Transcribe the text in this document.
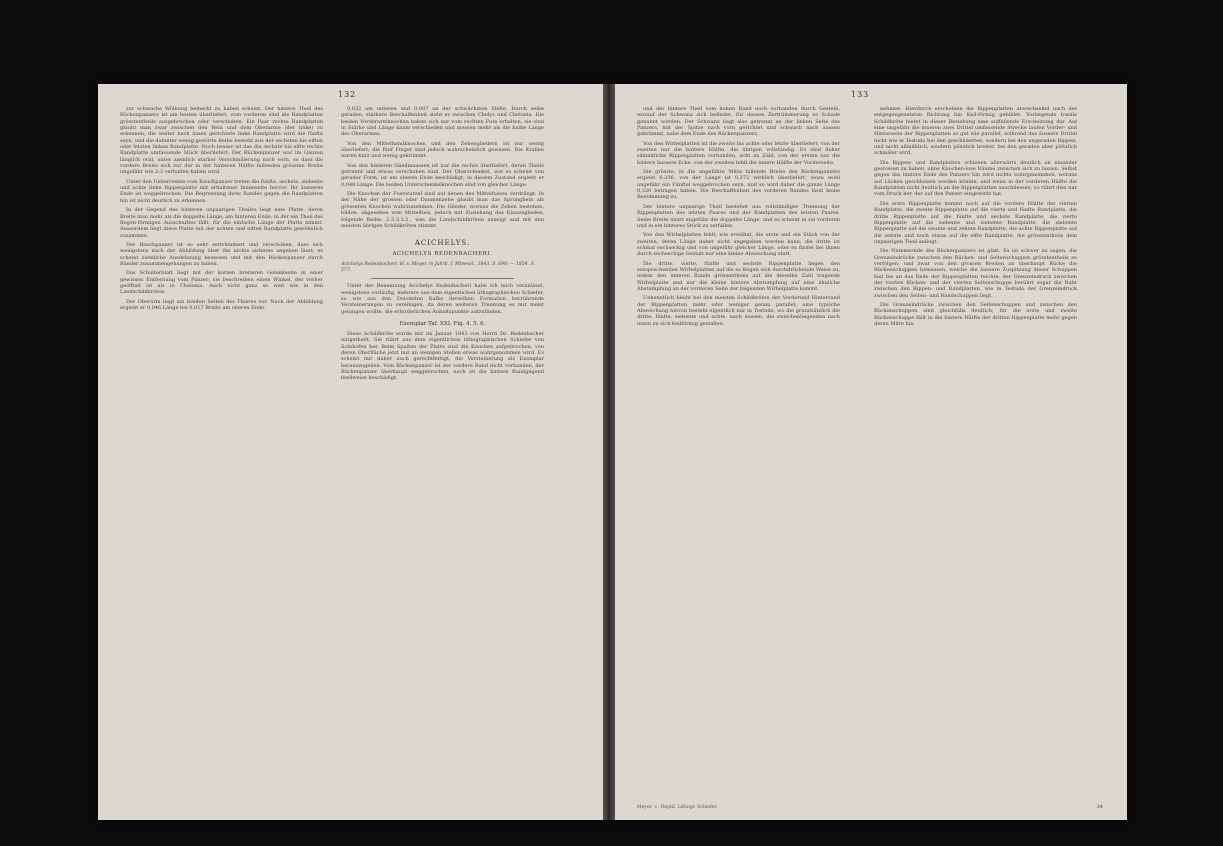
132

zur schwache Wölbung bemerkt zu haben scheint. Der hintere Theil des Rückenpanzers ist am besten überliefert, vom vorderen sind die Randplatten grösstentheils ausgebrochen oder verschoben. Ein Paar rechte Randplatten glaubt man zwar zwischen den Rein und dem Oberarme (der linke) zu erkennen; die weiter nach innen gerichtete linke Randplatte wird die fünfte seyn, und die dahinter wenig gestörte Reihe besteht aus der sechsten bis elften oder letzten linken Randplatte. Noch besser ist das die sechste bis elfte rechte Randplatte umfassende Stück überliefert. Der Rückenpanzer war im Ganzen länglich oval, unter ziemlich starker Verschmälerung nach vorn, so dass die vordere Breite sich zur der in der hinteren Hälfte fallenden grössten Breite ungefähr wie 2:3 verhalten haben wird.

Unter den Ueberresten vom Rauchpanzer treten die fünfte, sechste, siebente und achte linke Rippenplatte mit erhaltener Innenseite hervor. Ihr äusseres Ende ist weggebrochen. Die Begrenzung ihres Randes gegen die Randplatten hin ist nicht deutlich zu erkennen.

In der Gegend des hinteren unpaarigen Theiles liegt eine Platte, deren Breite man mehr als die doppelte Länge, am hinteren Ende, in der ein Theil des Bogen-förmigen Ausschnittes fällt, für die einfache Länge der Platte nimmt. Ausserdem liegt diese Platte mit der achten und elften Randplatte gewöhnlich zusammen.

Der Bauchpanzer ist so sehr zertrümmert und verschoben, dass sich wenigstens nach der Abbildung über ihn nichts sicheres angeben lässt; es scheint ziemliche Ausdehnung besessen und mit den Rückenpanzer durch Bänder zusammengehangen zu haben.

Das Schulterblatt liegt mit der kurzen breiteren Gelenkseite in einer gewissen Entfernung vom Panzer; sie beschreiben einen Winkel, der vorher geöffnet ist als in Chelonia. Auch nicht ganz so weit wie in den Landschildkröten.

Der Oberarm liegt am breiten Seiten des Thieres vor. Nach der Abbildung ergiebt er 0,046 Länge bei 0,017 Breite am oberen Ende.

0,022 am unteren und 0,007 an der schwächsten Stelle. Durch seine geraden, stärkere Beschaffenheit steht er zwischen Chelys und Chelonia. Die beiden Vorderarmknochen haben sich nur vom rechten Fuss erhalten, sie sind in Stärke und Länge kaum verschieden und messen mehr als die halbe Länge des Oberarmes.

Von den Mittelhandknochen und den Zehengliedern ist nur wenig überliefert; die fünf Finger sind jedoch wahrscheinlich gewesen. Die Krallen waren kurz und wenig gekrümmt.

Von den hinteren Gliedmaassen ist nur die rechte überliefert, deren Theile getrennt und etwas verschoben sind. Der Oberschenkel, wie es scheint von gerader Form, ist am oberen Ende beschädigt; in diesem Zustand ergiebt er 0,048 Länge. Die beiden Unterschenkelknochen sind von gleicher Länge.

Die Knochen der Fusswurzel sind auf denen des Mittelfusses verdrängt. In der Nähe der grossen oder Daumenzehe glaubt man das Sprungbein als grösseren Knochen wahrzunehmen. Die Glieder, woraus die Zehen bestehen, bilden, abgesehen vom Mittelfuss, jedoch mit Zuziehung des Klauengliedes, folgende Reihe: 2.3.3.3.2., was die Landschildkröten anzeigt und mit den meisten übrigen Schildkröten stimmt.

ACICHELYS.
ACICHELYS REDENBACHERI.
Acichelys Redenbacheri, H. v. Meyer, in Jahrb. f. Mineral., 1843. S. 698; — 1854. S. 577.

Unter der Benennung Acichelys Redenbacheri habe ich mich veranlasst, wenigstens vorläufig, mehrere aus dem eigentlichen lithographischen Schiefer, so wie aus den Dolomiten Kalke derselben Formation herrührende Versteinerungen zu vereinigen, da deren weiteren Trennung es mir meist gelungen wollte, die erforderlichen Anhaltspunkte aufzufinden.

Exemplar Taf. XXI. Fig. 4. 5. 6.

Diese Schildkröte wurde mir im Januar 1843 von Herrn Dr. Redenbacher mitgetheilt. Sie rührt aus dem eigentlichen lithographischen Schiefer von Solnhofen her. Beim Spalten der Platte sind die Knochen aufgebrochen, von deren Oberfläche jetzt nur an wenigen Stellen etwas wahrgenommen wird. Es scheint mir daher auch gerechtfertigt, die Versteinerung als Exemplar herauszugeben. Vom Rückenpanzer ist der vordere Rand nicht vorhanden, der Rückenpanzer überhaupt weggebrochen, noch ist die hintere Randgegend theilweise beschädigt.

133

und der hintere Theil vom linken Rand noch vorhanden durch Gestein, worauf der Schwanz sich befindet, für dessen Zertrümmerung es Schade genannt werden. Der Schwanz liegt also getrennt an der linken Seite des Panzers, mit der Spitze nach vorn gerichtet und schwach nach aussen gekrümmt, nahe dem Ende des Rückenpanzers.

Von den Wirbelplatten ist die zweite bis achte oder letzte überliefert, von der zweiten nur die hintere Hälfte, die übrigen vollständig. Es sind daher sämmtliche Rippenplatten vorhanden, acht an Zahl, von der ersten nur die hintere äussere Ecke, von der zweiten fehlt die innere Hälfte der Vorderseite.

Die grösste, in die ungefähre Mitte fallende Breite des Rückenpanzers ergiebt 0,236, von der Länge ist 0,272 wirklich überliefert, wozu wohl ungefähr ein Fünftel weggebrochen seyn, und so wird daher die ganze Länge 0,320 betragen haben. Die Beschaffenheit des vorderen Randes lässt keine Bestimmung zu.

Der hintere unpaarige Theil bestehet aus vollständiger Trennung der Rippenplatten des letzten Paares und der Randplatten des letzten Paares. Seine Breite misst ungefähr die doppelte Länge, und es scheint in sei vorderen und in ein hinteres Stück zu zerfallen.

Von den Wirbelplatten fehlt, wie erwähnt, die erste und ein Stück von der zweiten, deren Länge daher nicht angegeben werden kann; die dritte ist schmal sechseckig und von ungefähr gleicher Länge, oder es findet bei ihnen durch sechseckige Gestalt nur eine kleine Abweichung statt.

Die dritte, vierte, fünfte und sechste Rippenplatte liegen den entsprechenden Wirbelplatten auf die so Bogen sich durchdrückende Weise zu, indem den inneren Rande grössentheils auf die dieselbe Zahl tragende Wirbelplatte und nur die kleine hintere Abstumpfung auf eine ähnliche Abstumpfung an der vorderen Seite der folgenden Wirbelplatte kommt.

Unkenntlich bleibt bei den meisten Schildkröten der Vorderund Hinterrand der Rippenplatten mehr oder weniger genau parallel; eine typische Abweichung hievon besteht eigentlich nur in Testudo, wo die grundsätzlich die dritte, fünfte, siebente und achte, nach aussen, die zwischenliegenden nach innen zu sich keilförmig gestalten.

nehmen. Hierdurch erscheinen die Rippenplatten abwechselnd nach der entgegengesetzten Richtung hin Keil-förmig gebildet. Vorliegende fossile Schildkröte bietet in dieser Beziehung eine auffallende Erscheinung dar. Auf eine ungefähr die inneren zwei Drittel umfassende Strecke laufen Vorder- und Hinterseite der Rippenplatten so gut wie parallel, während das äussere Drittel nicht wie in Testudo bei den geschilderten, sondern bei den ungeraden Rippen, und nicht allmählich, sondern plötzlich breiter, bei den geraden aber plötzlich schmäler wird.

Die Rippen- und Randplatten schienen allerwärts deutlich an einander gestossen zu haben, ohne Knochen-lose Räume zwischen sich zu lassen. Selbst gegen das hintere Ende des Panzers hin wird nichts wahrgenommen, woraus auf Lücken geschlossen werden könnte, und wenn in der vorderen Hälfte die Randplatten nicht deutlich an die Rippenplatten anschliessen, so rührt dies nur vom Druck her, der auf den Panzer eingewirkt hat.

Die erste Rippenplatte kommt noch auf die vordere Hälfte der vierten Randplatte, die zweite Rippenplatte auf die vierte und fünfte Randplatte, die dritte Rippenplatte auf die fünfte und sechste Randplatte, die vierte Rippenplatte auf die siebente und siebente Randplatte, die siebente Rippenplatte auf die neunte und zehnte Randplatte, die achte Rippenplatte auf die zehnte und noch etwas auf die elfte Randplatte, die grösstentheils dem unpaarigen Theil anliegt.

Die Nummernde des Rückenpanzers ist glatt. Es ist schwer zu sagen, die Grenzeindrücke zwischen den Rücken- und Seitenschuppen grösstentheils zu verfolgen; und zwar von den grossen Breiten an überhaupt Rücke die Rückenschuppen bemessen, welche die äussere Zuspitzung dieser Schuppen fast bis an das Ende der Rippenplatten reichte; der Grenzeindruck zwischen der vierten Rücken- und der vierten Seitenschuppe berührt sogar die Naht zwischen den Rippen- und Randplatten, wie in Testudo der Grenzeindruck zwischen den Seiten- und Randschuppen liegt.

Die Grenzeindrücke zwischen den Seitenschuppen und zwischen den Rückenschuppen sind gleichfalls deutlich; für die erste und zweite Rückenschuppe fällt in die hintere Hälfte der dritten Rippenplatte mehr gegen deren Mitte hin.

Meyer, v., Reptil. Lithogr. Schiefer.	34
